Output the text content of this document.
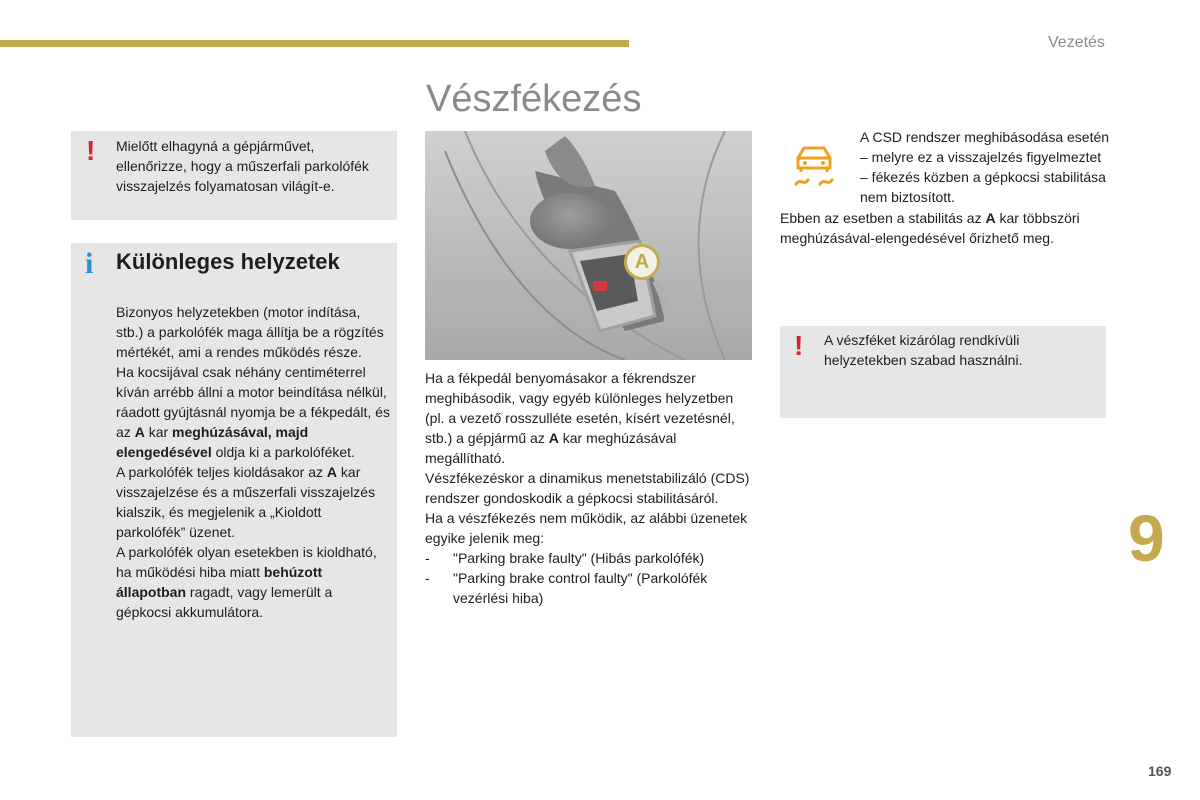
Vezetés
Vészfékezés
! Mielőtt elhagyná a gépjárművet, ellenőrizze, hogy a műszerfali parkolófék visszajelzés folyamatosan világít-e.
i Különleges helyzetek
Bizonyos helyzetekben (motor indítása, stb.) a parkolófék maga állítja be a rögzítés mértékét, ami a rendes működés része.
Ha kocsijával csak néhány centiméterrel kíván arrébb állni a motor beindítása nélkül, ráadott gyújtásnál nyomja be a fékpedált, és az A kar meghúzásával, majd elengedésével oldja ki a parkolóféket.
A parkolófék teljes kioldásakor az A kar visszajelzése és a műszerfali visszajelzés kialszik, és megjelenik a „Kioldott parkolófék” üzenet.
A parkolófék olyan esetekben is kioldható, ha működési hiba miatt behúzott állapotban ragadt, vagy lemerült a gépkocsi akkumulátora.
A
Ha a fékpedál benyomásakor a fékrendszer meghibásodik, vagy egyéb különleges helyzetben (pl. a vezető rosszulléte esetén, kísért vezetésnél, stb.) a gépjármű az A kar meghúzásával megállítható.
Vészfékezéskor a dinamikus menetstabilizáló (CDS) rendszer gondoskodik a gépkocsi stabilitásáról.
Ha a vészfékezés nem működik, az alábbi üzenetek egyike jelenik meg:
- "Parking brake faulty" (Hibás parkolófék)
- "Parking brake control faulty" (Parkolófék vezérlési hiba)
A CSD rendszer meghibásodása esetén – melyre ez a visszajelzés figyelmeztet – fékezés közben a gépkocsi stabilitása nem biztosított.
Ebben az esetben a stabilitás az A kar többszöri meghúzásával-elengedésével őrizhető meg.
! A vészféket kizárólag rendkívüli helyzetekben szabad használni.
9
169
